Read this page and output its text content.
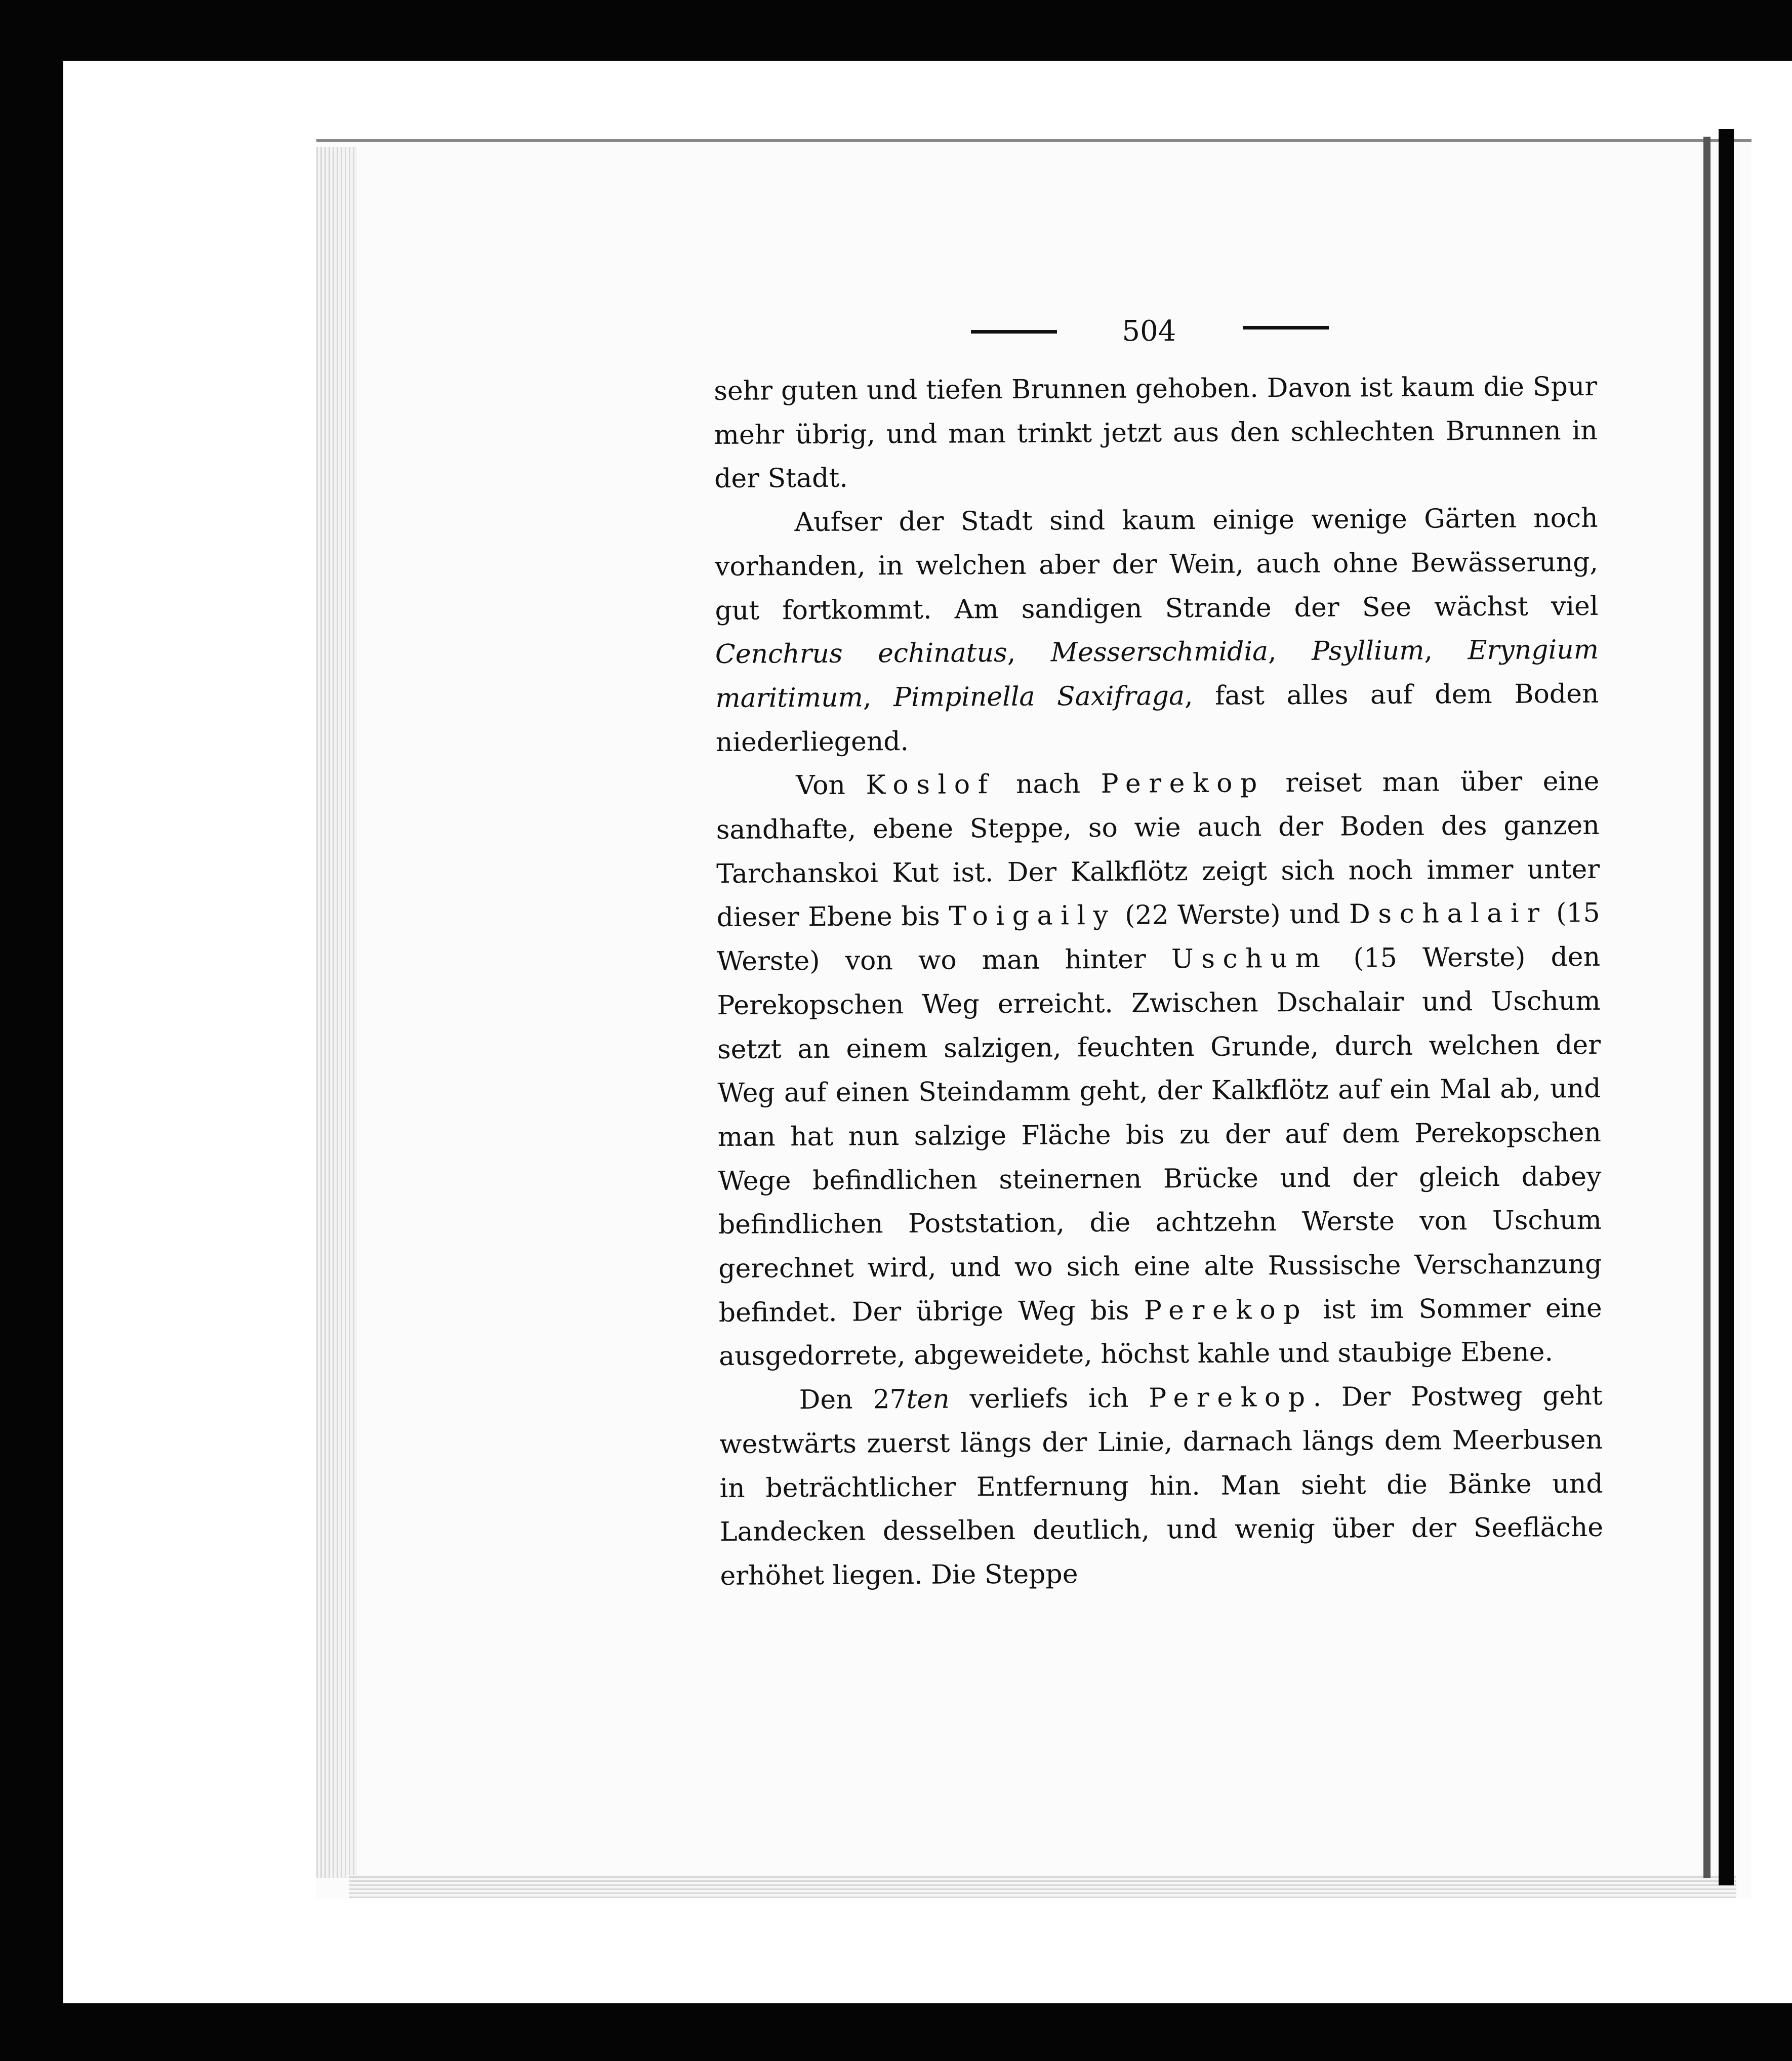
504

sehr guten und tiefen Brunnen gehoben. Davon ist kaum die Spur mehr übrig, und man trinkt jetzt aus den schlechten Brunnen in der Stadt.

Aufser der Stadt sind kaum einige wenige Gärten noch vorhanden, in welchen aber der Wein, auch ohne Bewässerung, gut fortkommt. Am sandigen Strande der See wächst viel Cenchrus echinatus, Messerschmidia, Psyllium, Eryngium maritimum, Pimpinella Saxifraga, fast alles auf dem Boden niederliegend.

Von Koslof nach Perekop reiset man über eine sandhafte, ebene Steppe, so wie auch der Boden des ganzen Tarchanskoi Kut ist. Der Kalkflötz zeigt sich noch immer unter dieser Ebene bis Toigaily (22 Werste) und Dschalair (15 Werste) von wo man hinter Uschum (15 Werste) den Perekopschen Weg erreicht. Zwischen Dschalair und Uschum setzt an einem salzigen, feuchten Grunde, durch welchen der Weg auf einen Steindamm geht, der Kalkflötz auf ein Mal ab, und man hat nun salzige Fläche bis zu der auf dem Perekopschen Wege befindlichen steinernen Brücke und der gleich dabey befindlichen Poststation, die achtzehn Werste von Uschum gerechnet wird, und wo sich eine alte Russische Verschanzung befindet. Der übrige Weg bis Perekop ist im Sommer eine ausgedorrete, abgeweidete, höchst kahle und staubige Ebene.

Den 27ten verliefs ich Perekop. Der Postweg geht westwärts zuerst längs der Linie, darnach längs dem Meerbusen in beträchtlicher Entfernung hin. Man sieht die Bänke und Landecken desselben deutlich, und wenig über der Seefläche erhöhet liegen. Die Steppe
